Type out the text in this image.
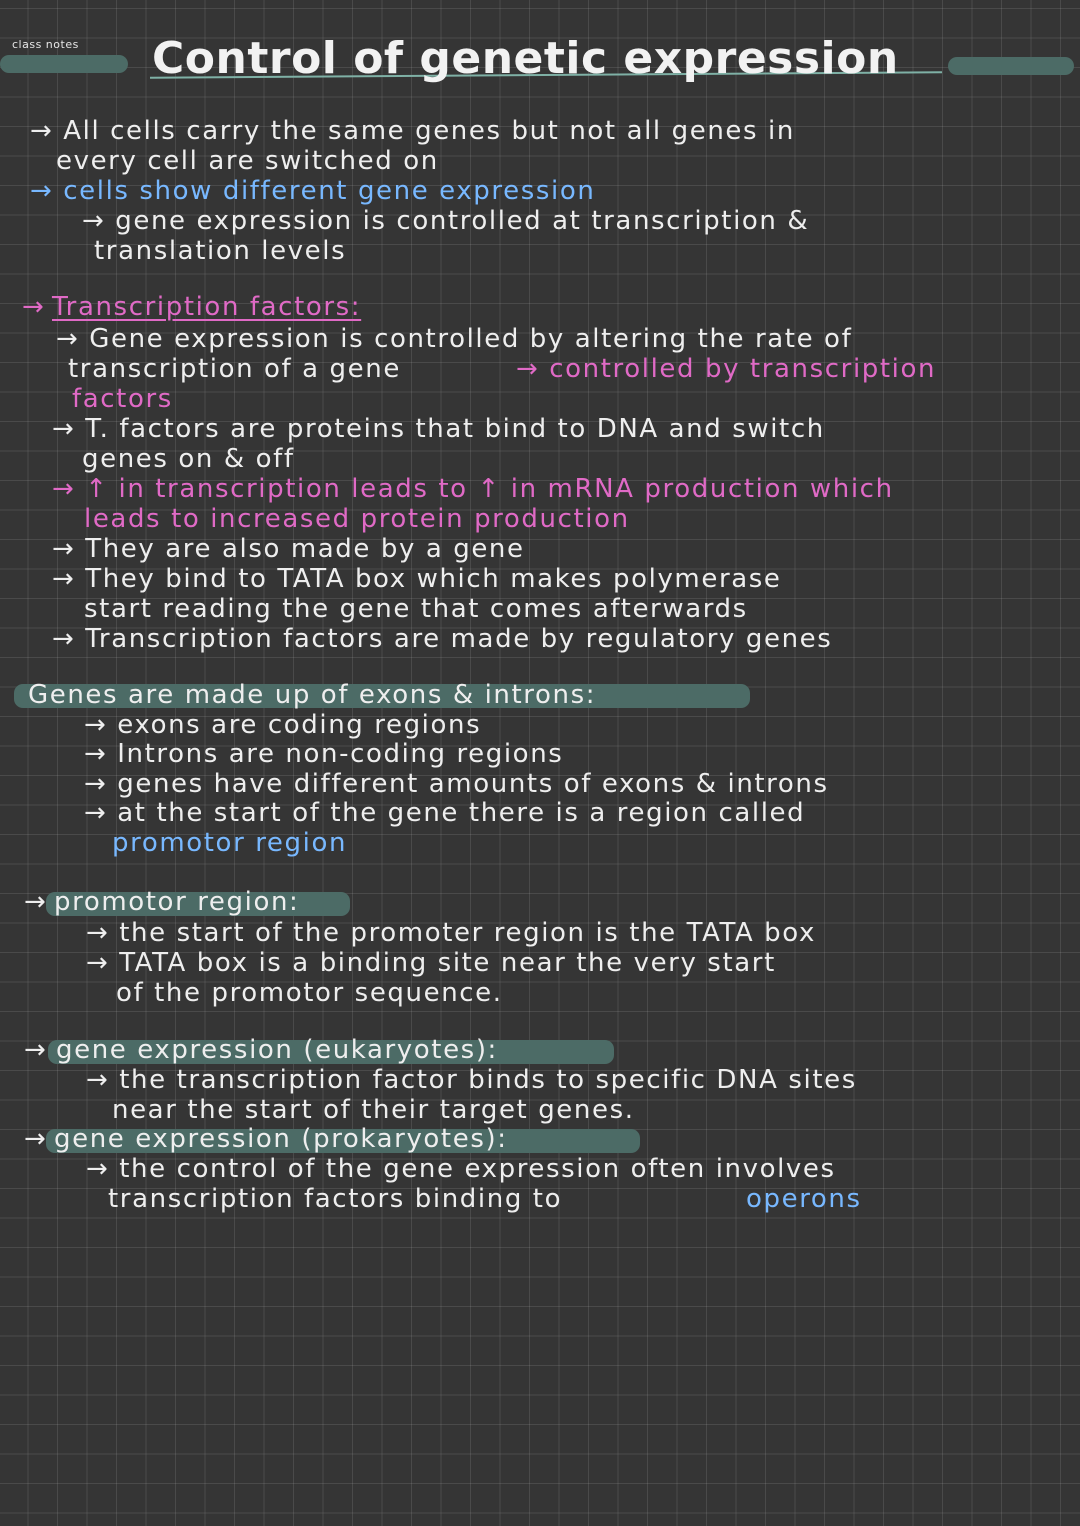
class notes Control of genetic expression
→ All cells carry the same genes but not all genes in
every cell are switched on
→ cells show different gene expression
→ gene expression is controlled at transcription &
translation levels
→ Transcription factors:
→ Gene expression is controlled by altering the rate of
transcription of a gene	→ controlled by transcription
factors
→ T. factors are proteins that bind to DNA and switch
genes on & off
→ ↑ in transcription leads to ↑ in mRNA production which
leads to increased protein production
→ They are also made by a gene
→ They bind to TATA box which makes polymerase
start reading the gene that comes afterwards
→ Transcription factors are made by regulatory genes
Genes are made up of exons & introns:
→ exons are coding regions
→ Introns are non-coding regions
→ genes have different amounts of exons & introns
→ at the start of the gene there is a region called
promotor region
→ promotor region:
→ the start of the promoter region is the TATA box
→ TATA box is a binding site near the very start
of the promotor sequence.
→ gene expression (eukaryotes):
→ the transcription factor binds to specific DNA sites
near the start of their target genes.
→ gene expression (prokaryotes):
→ the control of the gene expression often involves
transcription factors binding to	operons
